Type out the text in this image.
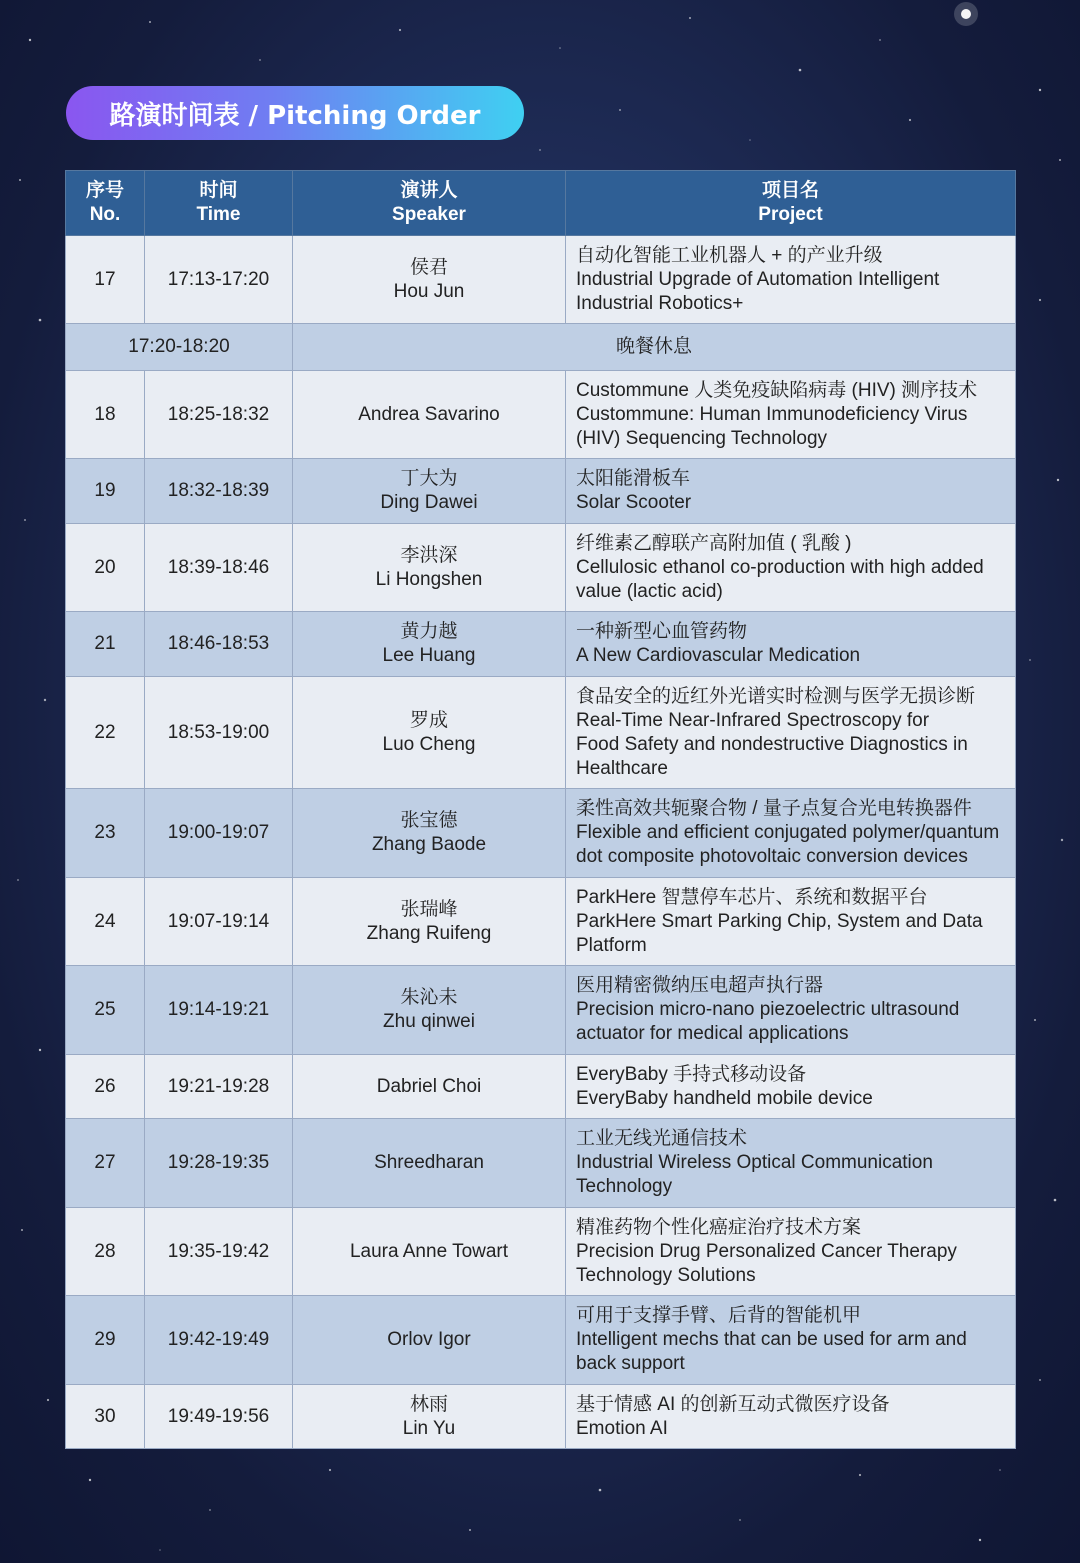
路演时间表 / Pitching Order
序号
No.	时间
Time	演讲人
Speaker	项目名
Project

17	17:13-17:20	侯君
Hou Jun	自动化智能工业机器人 + 的产业升级
Industrial Upgrade of Automation Intelligent
Industrial Robotics+

17:20-18:20		晚餐休息	
18	18:25-18:32	Andrea Savarino	Custommune 人类免疫缺陷病毒 (HIV) 测序技术
Custommune: Human Immunodeficiency Virus
(HIV) Sequencing Technology

19	18:32-18:39	丁大为
Ding Dawei	太阳能滑板车
Solar Scooter

20	18:39-18:46	李洪深
Li Hongshen	纤维素乙醇联产高附加值 ( 乳酸 )
Cellulosic ethanol co-production with high added
value (lactic acid)

21	18:46-18:53	黄力越
Lee Huang	一种新型心血管药物
A New Cardiovascular Medication

22	18:53-19:00	罗成
Luo Cheng	食品安全的近红外光谱实时检测与医学无损诊断
Real-Time Near-Infrared Spectroscopy for
Food Safety and nondestructive Diagnostics in
Healthcare

23	19:00-19:07	张宝德
Zhang Baode	柔性高效共轭聚合物 / 量子点复合光电转换器件
Flexible and efficient conjugated polymer/quantum
dot composite photovoltaic conversion devices

24	19:07-19:14	张瑞峰
Zhang Ruifeng	ParkHere 智慧停车芯片、系统和数据平台
ParkHere Smart Parking Chip, System and Data
Platform

25	19:14-19:21	朱沁未
Zhu qinwei	医用精密微纳压电超声执行器
Precision micro-nano piezoelectric ultrasound
actuator for medical applications

26	19:21-19:28	Dabriel Choi	EveryBaby 手持式移动设备
EveryBaby handheld mobile device

27	19:28-19:35	Shreedharan	工业无线光通信技术
Industrial Wireless Optical Communication
Technology

28	19:35-19:42	Laura Anne Towart	精准药物个性化癌症治疗技术方案
Precision Drug Personalized Cancer Therapy
Technology Solutions

29	19:42-19:49	Orlov Igor	可用于支撑手臂、后背的智能机甲
Intelligent mechs that can be used for arm and
back support

30	19:49-19:56	林雨
Lin Yu	基于情感 AI 的创新互动式微医疗设备
Emotion AI
